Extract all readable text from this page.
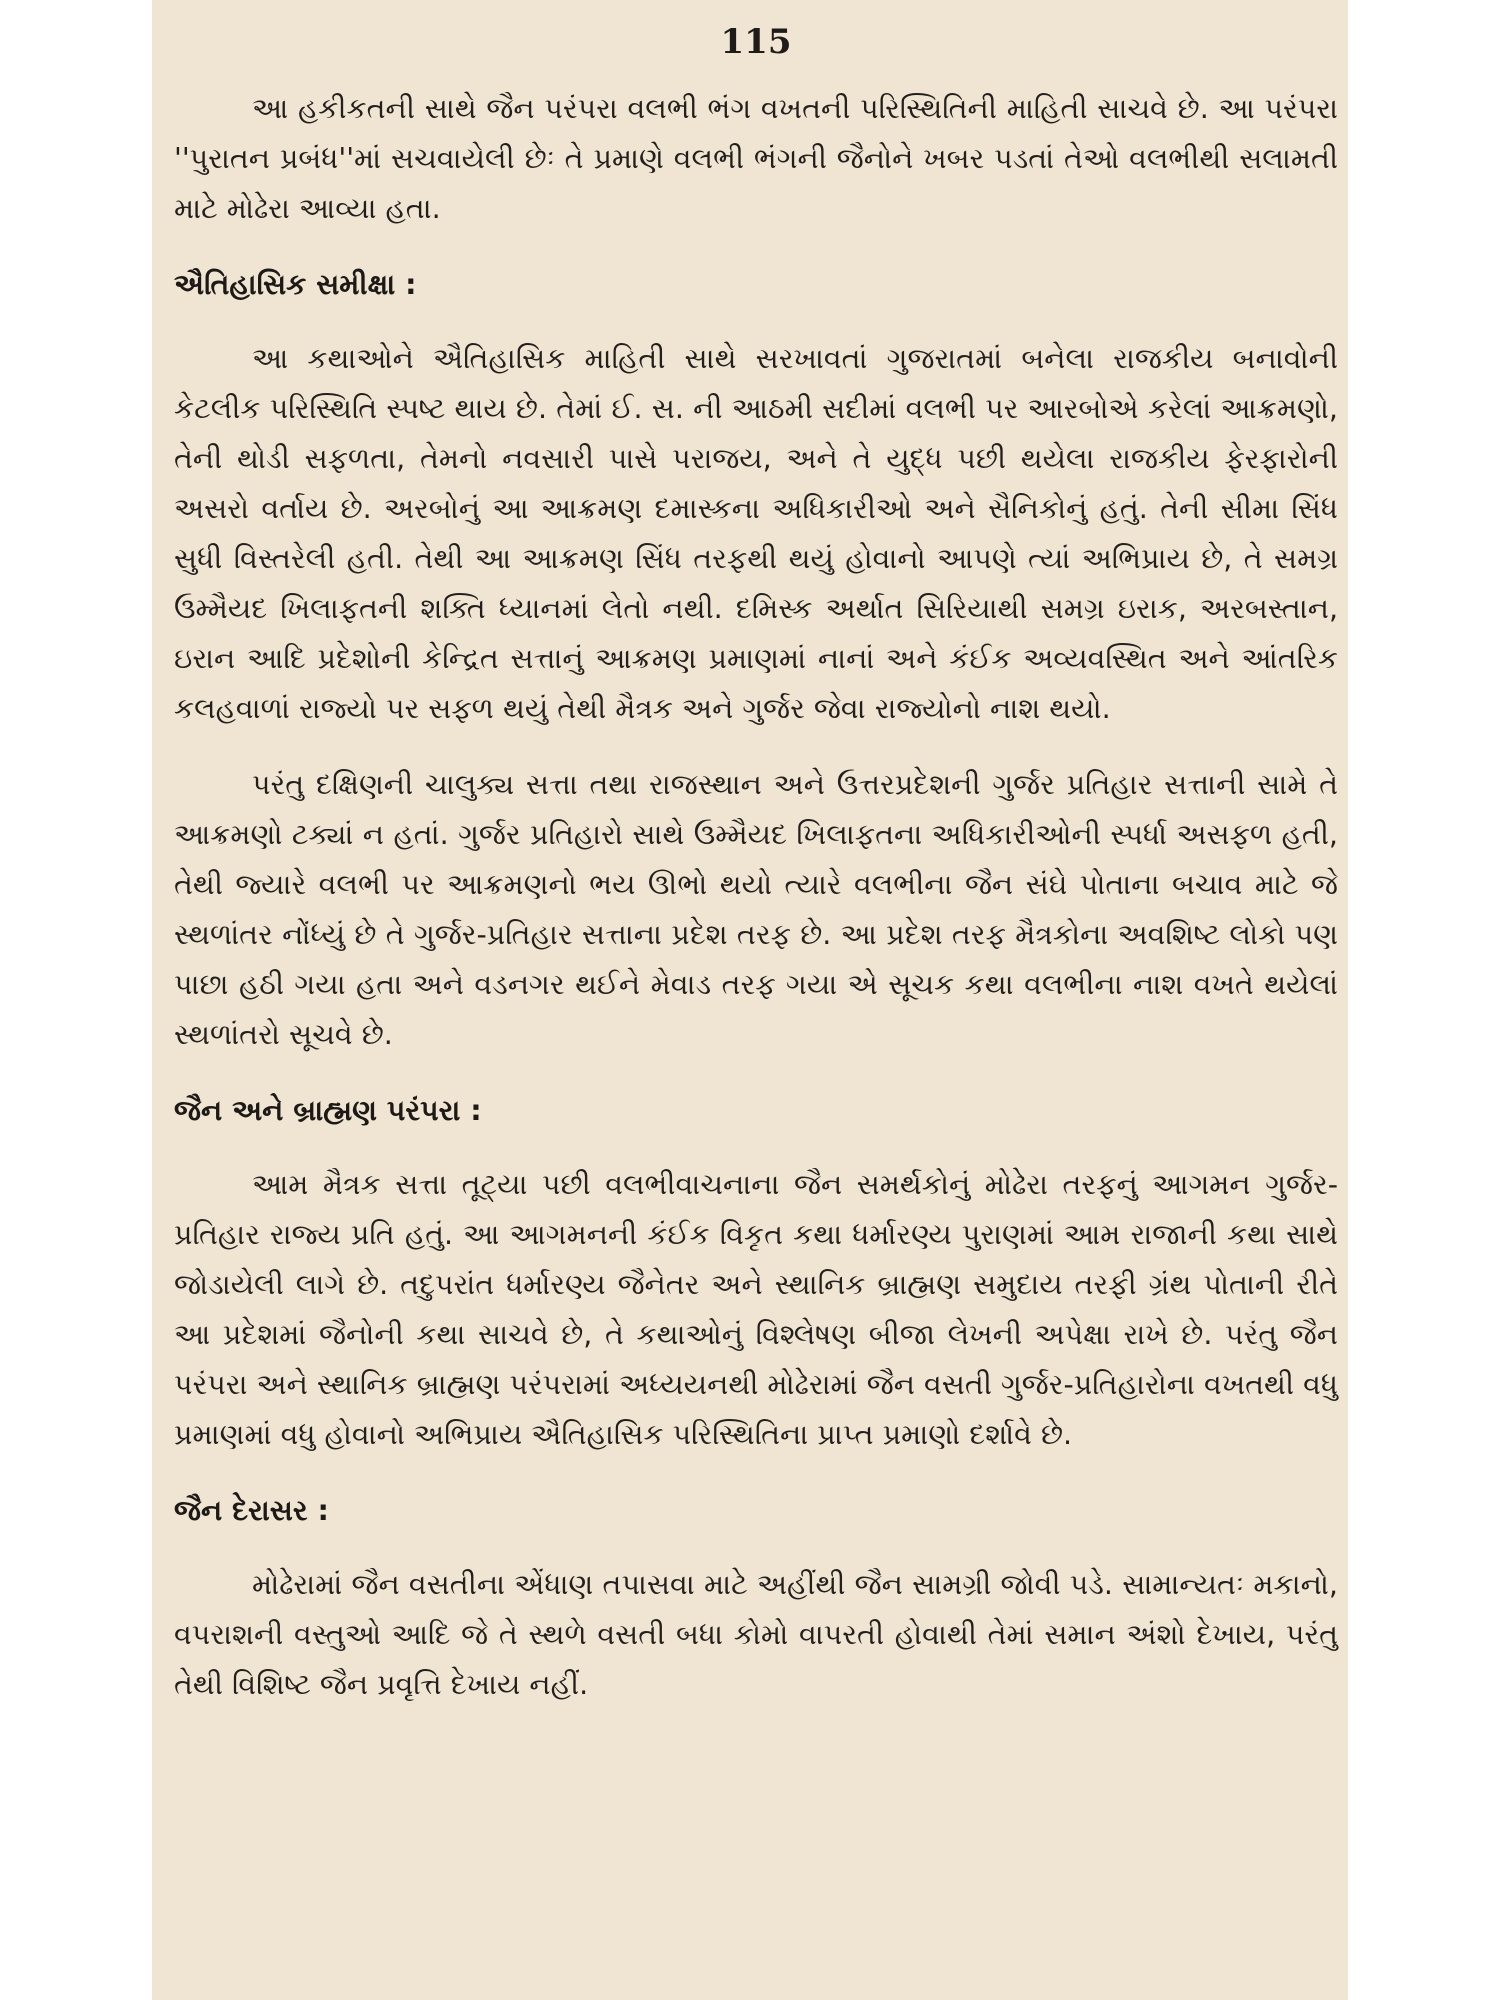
115

આ હકીકતની સાથે જૈન પરંપરા વલભી ભંગ વખતની પરિસ્થિતિની માહિતી સાચવે છે. આ પરંપરા ''પુરાતન પ્રબંધ''માં સચવાયેલી છેઃ તે પ્રમાણે વલભી ભંગની જૈનોને ખબર પડતાં તેઓ વલભીથી સલામતી માટે મોઢેરા આવ્યા હતા.

ઐતિહાસિક સમીક્ષા :

આ કથાઓને ઐતિહાસિક માહિતી સાથે સરખાવતાં ગુજરાતમાં બનેલા રાજકીય બનાવોની કેટલીક પરિસ્થિતિ સ્પષ્ટ થાય છે. તેમાં ઈ. સ. ની આઠમી સદીમાં વલભી પર આરબોએ કરેલાં આક્રમણો, તેની થોડી સફળતા, તેમનો નવસારી પાસે પરાજય, અને તે યુદ્ધ પછી થયેલા રાજકીય ફેરફારોની અસરો વર્તાય છે. અરબોનું આ આક્રમણ દમાસ્કના અધિકારીઓ અને સૈનિકોનું હતું. તેની સીમા સિંધ સુધી વિસ્તરેલી હતી. તેથી આ આક્રમણ સિંધ તરફથી થયું હોવાનો આપણે ત્યાં અભિપ્રાય છે, તે સમગ્ર ઉમ્મૈયદ ખિલાફતની શક્તિ ધ્યાનમાં લેતો નથી. દમિસ્ક અર્થાત સિરિયાથી સમગ્ર ઇરાક, અરબસ્તાન, ઇરાન આદિ પ્રદેશોની કેન્દ્રિત સત્તાનું આક્રમણ પ્રમાણમાં નાનાં અને કંઈક અવ્યવસ્થિત અને આંતરિક કલહવાળાં રાજ્યો પર સફળ થયું તેથી મૈત્રક અને ગુર્જર જેવા રાજ્યોનો નાશ થયો.

પરંતુ દક્ષિણની ચાલુક્ય સત્તા તથા રાજસ્થાન અને ઉત્તરપ્રદેશની ગુર્જર પ્રતિહાર સત્તાની સામે તે આક્રમણો ટક્યાં ન હતાં. ગુર્જર પ્રતિહારો સાથે ઉમ્મૈયદ ખિલાફતના અધિકારીઓની સ્પર્ધા અસફળ હતી, તેથી જ્યારે વલભી પર આક્રમણનો ભય ઊભો થયો ત્યારે વલભીના જૈન સંઘે પોતાના બચાવ માટે જે સ્થળાંતર નોંધ્યું છે તે ગુર્જર-પ્રતિહાર સત્તાના પ્રદેશ તરફ છે. આ પ્રદેશ તરફ મૈત્રકોના અવશિષ્ટ લોકો પણ પાછા હઠી ગયા હતા અને વડનગર થઈને મેવાડ તરફ ગયા એ સૂચક કથા વલભીના નાશ વખતે થયેલાં સ્થળાંતરો સૂચવે છે.

જૈન અને બ્રાહ્મણ પરંપરા :

આમ મૈત્રક સત્તા તૂટ્યા પછી વલભીવાચનાના જૈન સમર્થકોનું મોઢેરા તરફનું આગમન ગુર્જર-પ્રતિહાર રાજ્ય પ્રતિ હતું. આ આગમનની કંઈક વિકૃત કથા ધર્મારણ્ય પુરાણમાં આમ રાજાની કથા સાથે જોડાયેલી લાગે છે. તદુપરાંત ધર્મારણ્ય જૈનેતર અને સ્થાનિક બ્રાહ્મણ સમુદાય તરફી ગ્રંથ પોતાની રીતે આ પ્રદેશમાં જૈનોની કથા સાચવે છે, તે કથાઓનું વિશ્લેષણ બીજા લેખની અપેક્ષા રાખે છે. પરંતુ જૈન પરંપરા અને સ્થાનિક બ્રાહ્મણ પરંપરામાં અધ્યયનથી મોઢેરામાં જૈન વસતી ગુર્જર-પ્રતિહારોના વખતથી વધુ પ્રમાણમાં વધુ હોવાનો અભિપ્રાય ઐતિહાસિક પરિસ્થિતિના પ્રાપ્ત પ્રમાણો દર્શાવે છે.

જૈન દેરાસર :

મોઢેરામાં જૈન વસતીના એંધાણ તપાસવા માટે અહીંથી જૈન સામગ્રી જોવી પડે. સામાન્યતઃ મકાનો, વપરાશની વસ્તુઓ આદિ જે તે સ્થળે વસતી બધા કોમો વાપરતી હોવાથી તેમાં સમાન અંશો દેખાય, પરંતુ તેથી વિશિષ્ટ જૈન પ્રવૃત્તિ દેખાય નહીં.
